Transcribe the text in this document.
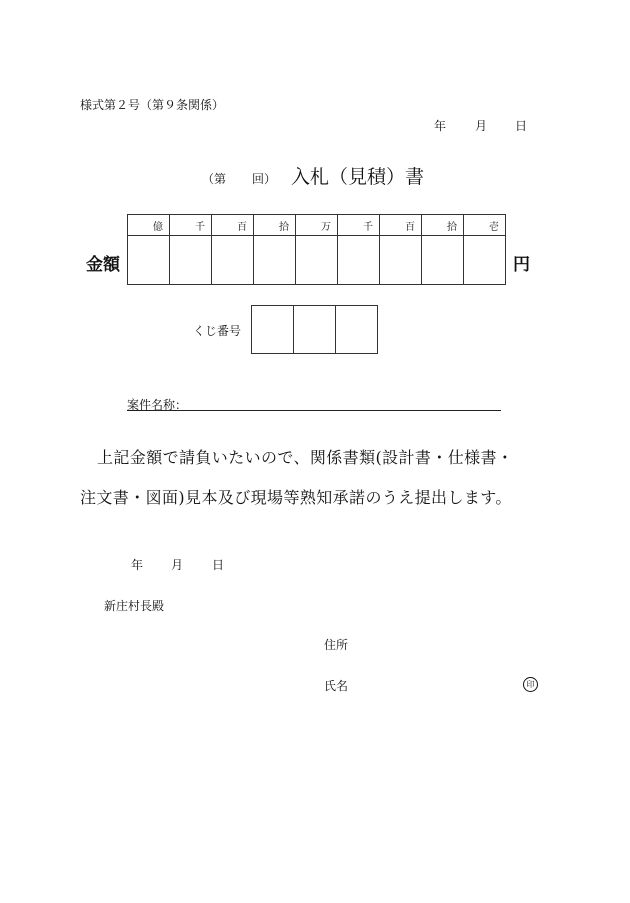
様式第２号（第９条関係）
年 月 日
（第 回） 入札（見積）書
金額
億	千	百	拾	万	千	百	拾	壱

円
くじ番号

案件名称：
上記金額で請負いたいので、関係書類(設計書・仕様書・
注文書・図面)見本及び現場等熟知承諾のうえ提出します。
年 月 日
新庄村長殿
住所
氏名	印
